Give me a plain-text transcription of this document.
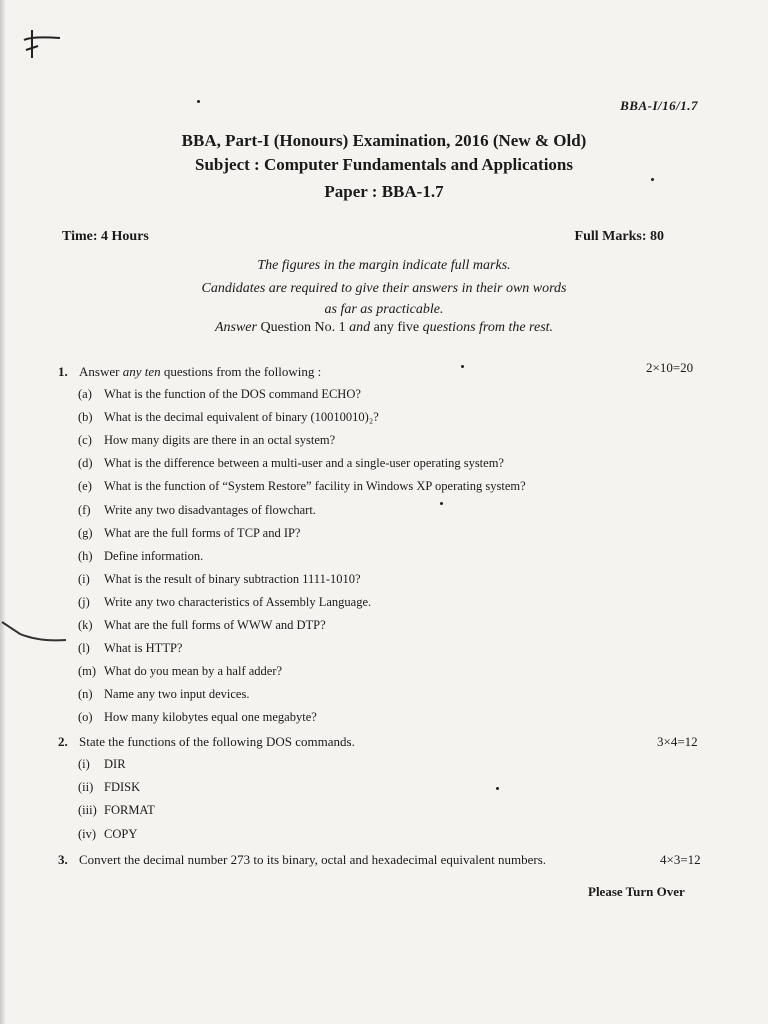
BBA-I/16/1.7
BBA, Part-I (Honours) Examination, 2016 (New & Old)
Subject : Computer Fundamentals and Applications
Paper : BBA-1.7
Time: 4 Hours	Full Marks: 80
The figures in the margin indicate full marks.
Candidates are required to give their answers in their own words
as far as practicable.
Answer Question No. 1 and any five questions from the rest.
1. Answer any ten questions from the following :	2×10=20
(a) What is the function of the DOS command ECHO?
(b) What is the decimal equivalent of binary (10010010)₂?
(c) How many digits are there in an octal system?
(d) What is the difference between a multi-user and a single-user operating system?
(e) What is the function of “System Restore” facility in Windows XP operating system?
(f) Write any two disadvantages of flowchart.
(g) What are the full forms of TCP and IP?
(h) Define information.
(i) What is the result of binary subtraction 1111-1010?
(j) Write any two characteristics of Assembly Language.
(k) What are the full forms of WWW and DTP?
(l) What is HTTP?
(m) What do you mean by a half adder?
(n) Name any two input devices.
(o) How many kilobytes equal one megabyte?
2. State the functions of the following DOS commands.	3×4=12
(i) DIR
(ii) FDISK
(iii) FORMAT
(iv) COPY
3. Convert the decimal number 273 to its binary, octal and hexadecimal equivalent numbers.	4×3=12
Please Turn Over
